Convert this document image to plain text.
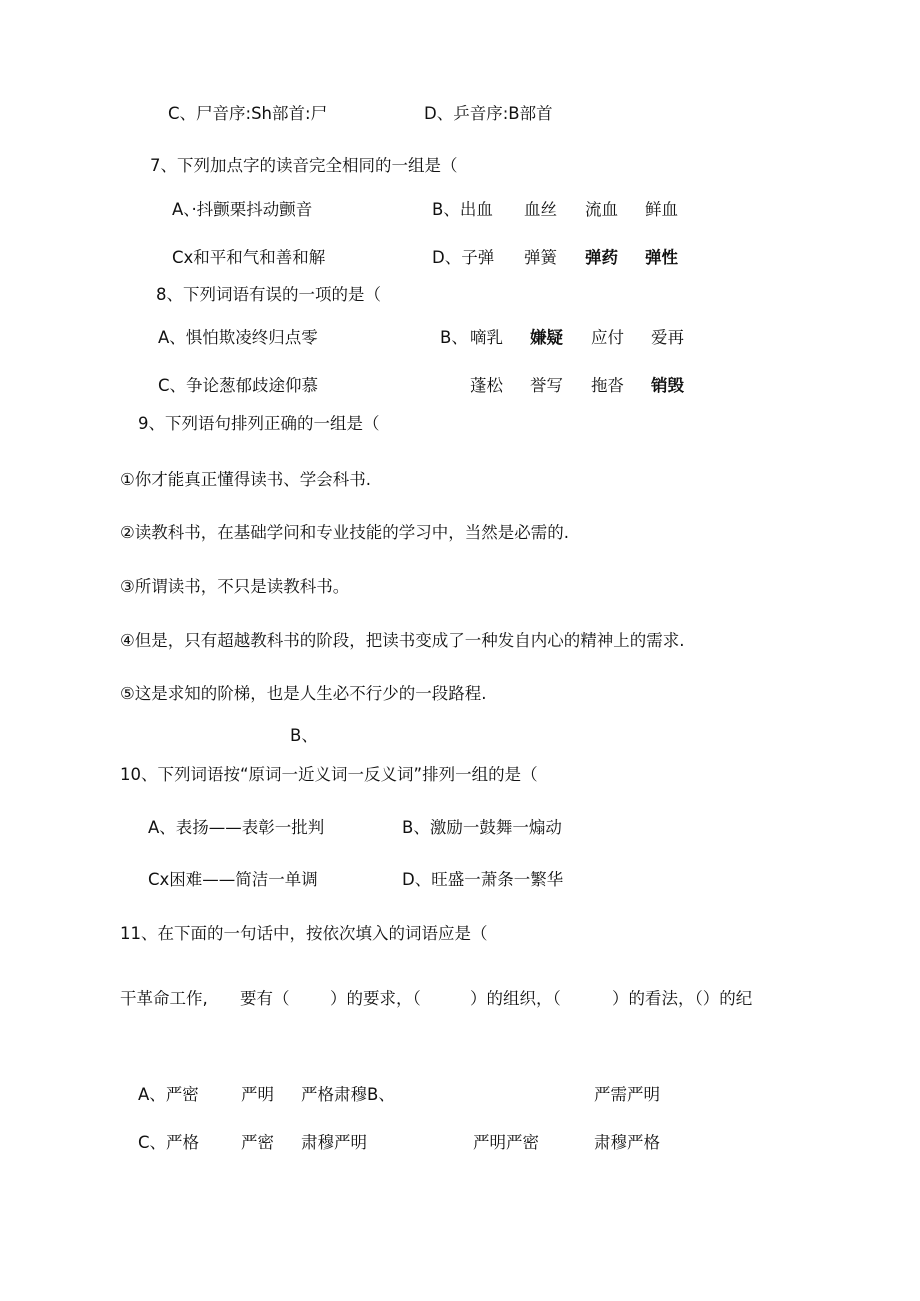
C、尸音序:Sh部首:尸	D、乒音序:B部首
7、下列加点字的读音完全相同的一组是（
A、·抖颤栗抖动颤音	B、出血 血丝 流血 鲜血
Cx和平和气和善和解	D、子弹 弹簧 弹药 弹性
8、下列词语有误的一项的是（
A、惧怕欺凌终归点零	B、 嘀乳 嫌疑 应付 爱再
C、争论葱郁歧途仰慕	蓬松 誉写 拖沓 销毁
9、下列语句排列正确的一组是（
①你才能真正懂得读书、学会科书.
②读教科书，在基础学问和专业技能的学习中，当然是必需的.
③所谓读书，不只是读教科书。
④但是，只有超越教科书的阶段，把读书变成了一种发自内心的精神上的需求.
⑤这是求知的阶梯，也是人生必不行少的一段路程.
B、
10、下列词语按“原词一近义词一反义词”排列一组的是（
A、表扬——表彰一批判	B、激励一鼓舞一煽动
Cx困难——简洁一单调	D、旺盛一萧条一繁华
11、在下面的一句话中，按依次填入的词语应是（
干革命工作, 要有（ ）的要求，（	）的组织，（	）的看法，（）的纪
A、严密	严明 严格肃穆B、	严需严明
C、严格	严密 肃穆严明	严明严密	肃穆严格
